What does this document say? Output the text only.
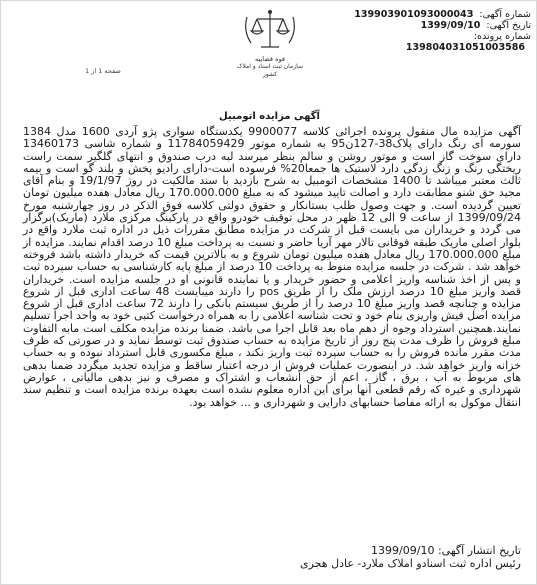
شماره آگهی:
13990390109300004З
تاریخ آگهی:
1399/09/10
شماره پرونده:
13980403105100З586
قوه قضاییه
سازمان ثبت اسناد و املاک کشور
صفحه 1 از 1
آگهی مزایده اتومبیل

آگهی مزایده مال منقول پرونده اجرائی کلاسه 9900077 یکدستگاه سواری پژو آردی 1600 مدل 1384 سورمه ای رنگ دارای پلاک38-127ن95 به شماره موتور 11784059429 و شماره شاسی 13460173 دارای سوخت گاز است و موتور روشن و سالم بنظر میرسد لبه درب صندوق و انتهای گلگیر سمت راست ریختگی رنگ و زنگ زدگی دارد لاستیک ها جمعا20% فرسوده است-دارای رادیو پخش و بلند گو است و بیمه ثالث معتبر میباشد تا 1400 مشخصات اتومبیل به شرح بازدید با سند مالکیت در روز 19/1/97 و بنام آقای مجید حق شنو مطابقت دارد و اصالت تایید میشود که به مبلغ 170.000.000 ریال معادل هفده میلیون تومان تعیین گردیده است. و جهت وصول طلب بستانکار و حقوق دولتی کلاسه فوق الذکر در روز چهارشنبه مورخ 1399/09/24 از ساعت 9 الی 12 ظهر در محل توقیف خودرو واقع در پارکینگ مرکزی ملارد (ماریک)برگزار می گردد و خریداران می بایست قبل از شرکت در مزایده مطابق مقررات ذیل در اداره ثبت ملارد واقع در بلوار اصلی ماریک طبقه فوقانی تالار مهر آریا حاضر و نسبت به پرداخت مبلغ 10 درصد اقدام نمایند. مزایده از مبلغ 170.000.000 ریال معادل هفده میلیون تومان شروع و به بالاترین قیمت که خریدار داشته باشد فروخته خواهد شد . شرکت در جلسه مزایده منوط به پرداخت 10 درصد از مبلغ پایه کارشناسی به حساب سپرده ثبت و پس از اخذ شناسه واریز اعلامی و حضور خریدار و یا نماینده قانونی او در جلسه مزایده است. خریداران قصد واریز مبلغ 10 درصد ارزش ملک را از طریق pos را دارند میبایست 48 ساعت اداری قبل از شروع مزایده و چنانچه قصد واریز مبلغ 10 درصد را از طریق سیستم بانکی را دارند 72 ساعت اداری قبل از شروع مزایده اصل فیش واریزی بنام خود و تحت شناسه اعلامی را به همراه درخواست کتبی خود به واحد اجرا تسلیم نمایند.همچنین استرداد وجوه از دهم ماه بعد قابل اجرا می باشد. ضمنا برنده مزایده مکلف است مابه التفاوت مبلغ فروش را ظرف مدت پنج روز از تاریخ مزایده به حساب صندوق ثبت توسط نماید و در صورتی که ظرف مدت مقرر مانده فروش را به حساب سپرده ثبت واریز نکند ، مبلغ مکسوری قابل استرداد نبوده و به حساب خزانه واریز خواهد شد. در اینصورت عملیات فروش از درجه اعتبار ساقط و مزایده تجدید میگردد ضمنا بدهی های مربوط به آب ، برق ، گاز ، اعم از حق انشعاب و اشتراک و مصرف و نیز بدهی مالیاتی ، عوارض شهرداری و غیره که رقم قطعی آنها برای این اداره معلوم نشده است بعهده برنده مزایده است و تنظیم سند انتقال موکول به ارائه مفاصا حسابهای دارایی و شهرداری و ... خواهد بود.

تاریخ انتشار آگهی: 1399/09/10
رئیس اداره ثبت اسنادو املاک ملارد- عادل هجری
